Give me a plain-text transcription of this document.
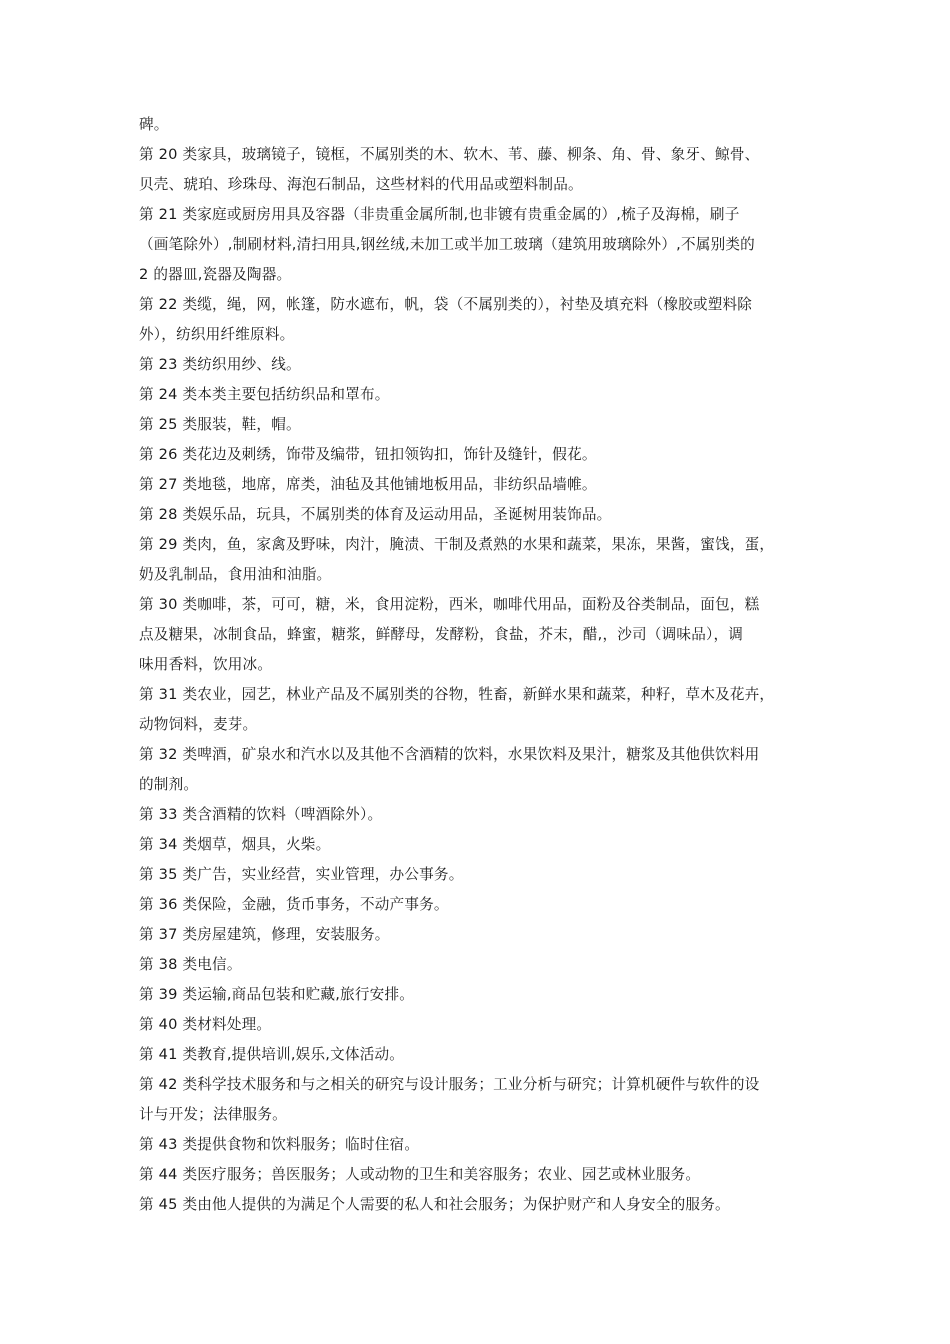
碑。
第 20 类家具，玻璃镜子，镜框，不属别类的木、软木、苇、藤、柳条、角、骨、象牙、鲸骨、
贝壳、琥珀、珍珠母、海泡石制品，这些材料的代用品或塑料制品。
第 21 类家庭或厨房用具及容器（非贵重金属所制,也非镀有贵重金属的）,梳子及海棉，刷子
（画笔除外）,制刷材料,清扫用具,钢丝绒,未加工或半加工玻璃（建筑用玻璃除外）,不属别类的
2 的器皿,瓷器及陶器。
第 22 类缆，绳，网，帐篷，防水遮布，帆，袋（不属别类的），衬垫及填充料（橡胶或塑料除
外），纺织用纤维原料。
第 23 类纺织用纱、线。
第 24 类本类主要包括纺织品和罩布。
第 25 类服装，鞋，帽。
第 26 类花边及刺绣，饰带及编带，钮扣领钩扣，饰针及缝针，假花。
第 27 类地毯，地席，席类，油毡及其他铺地板用品，非纺织品墙帷。
第 28 类娱乐品，玩具，不属别类的体育及运动用品，圣诞树用装饰品。
第 29 类肉，鱼，家禽及野味，肉汁，腌渍、干制及煮熟的水果和蔬菜，果冻，果酱，蜜饯，蛋，
奶及乳制品，食用油和油脂。
第 30 类咖啡，茶，可可，糖，米，食用淀粉，西米，咖啡代用品，面粉及谷类制品，面包，糕
点及糖果，冰制食品，蜂蜜，糖浆，鲜酵母，发酵粉，食盐，芥末，醋,，沙司（调味品），调
味用香料，饮用冰。
第 31 类农业，园艺，林业产品及不属别类的谷物，牲畜，新鲜水果和蔬菜，种籽，草木及花卉，
动物饲料，麦芽。
第 32 类啤酒，矿泉水和汽水以及其他不含酒精的饮料，水果饮料及果汁，糖浆及其他供饮料用
的制剂。
第 33 类含酒精的饮料（啤酒除外）。
第 34 类烟草，烟具，火柴。
第 35 类广告，实业经营，实业管理，办公事务。
第 36 类保险，金融，货币事务，不动产事务。
第 37 类房屋建筑，修理，安装服务。
第 38 类电信。
第 39 类运输,商品包装和贮藏,旅行安排。
第 40 类材料处理。
第 41 类教育,提供培训,娱乐,文体活动。
第 42 类科学技术服务和与之相关的研究与设计服务；工业分析与研究；计算机硬件与软件的设
计与开发；法律服务。
第 43 类提供食物和饮料服务；临时住宿。
第 44 类医疗服务；兽医服务；人或动物的卫生和美容服务；农业、园艺或林业服务。
第 45 类由他人提供的为满足个人需要的私人和社会服务；为保护财产和人身安全的服务。
